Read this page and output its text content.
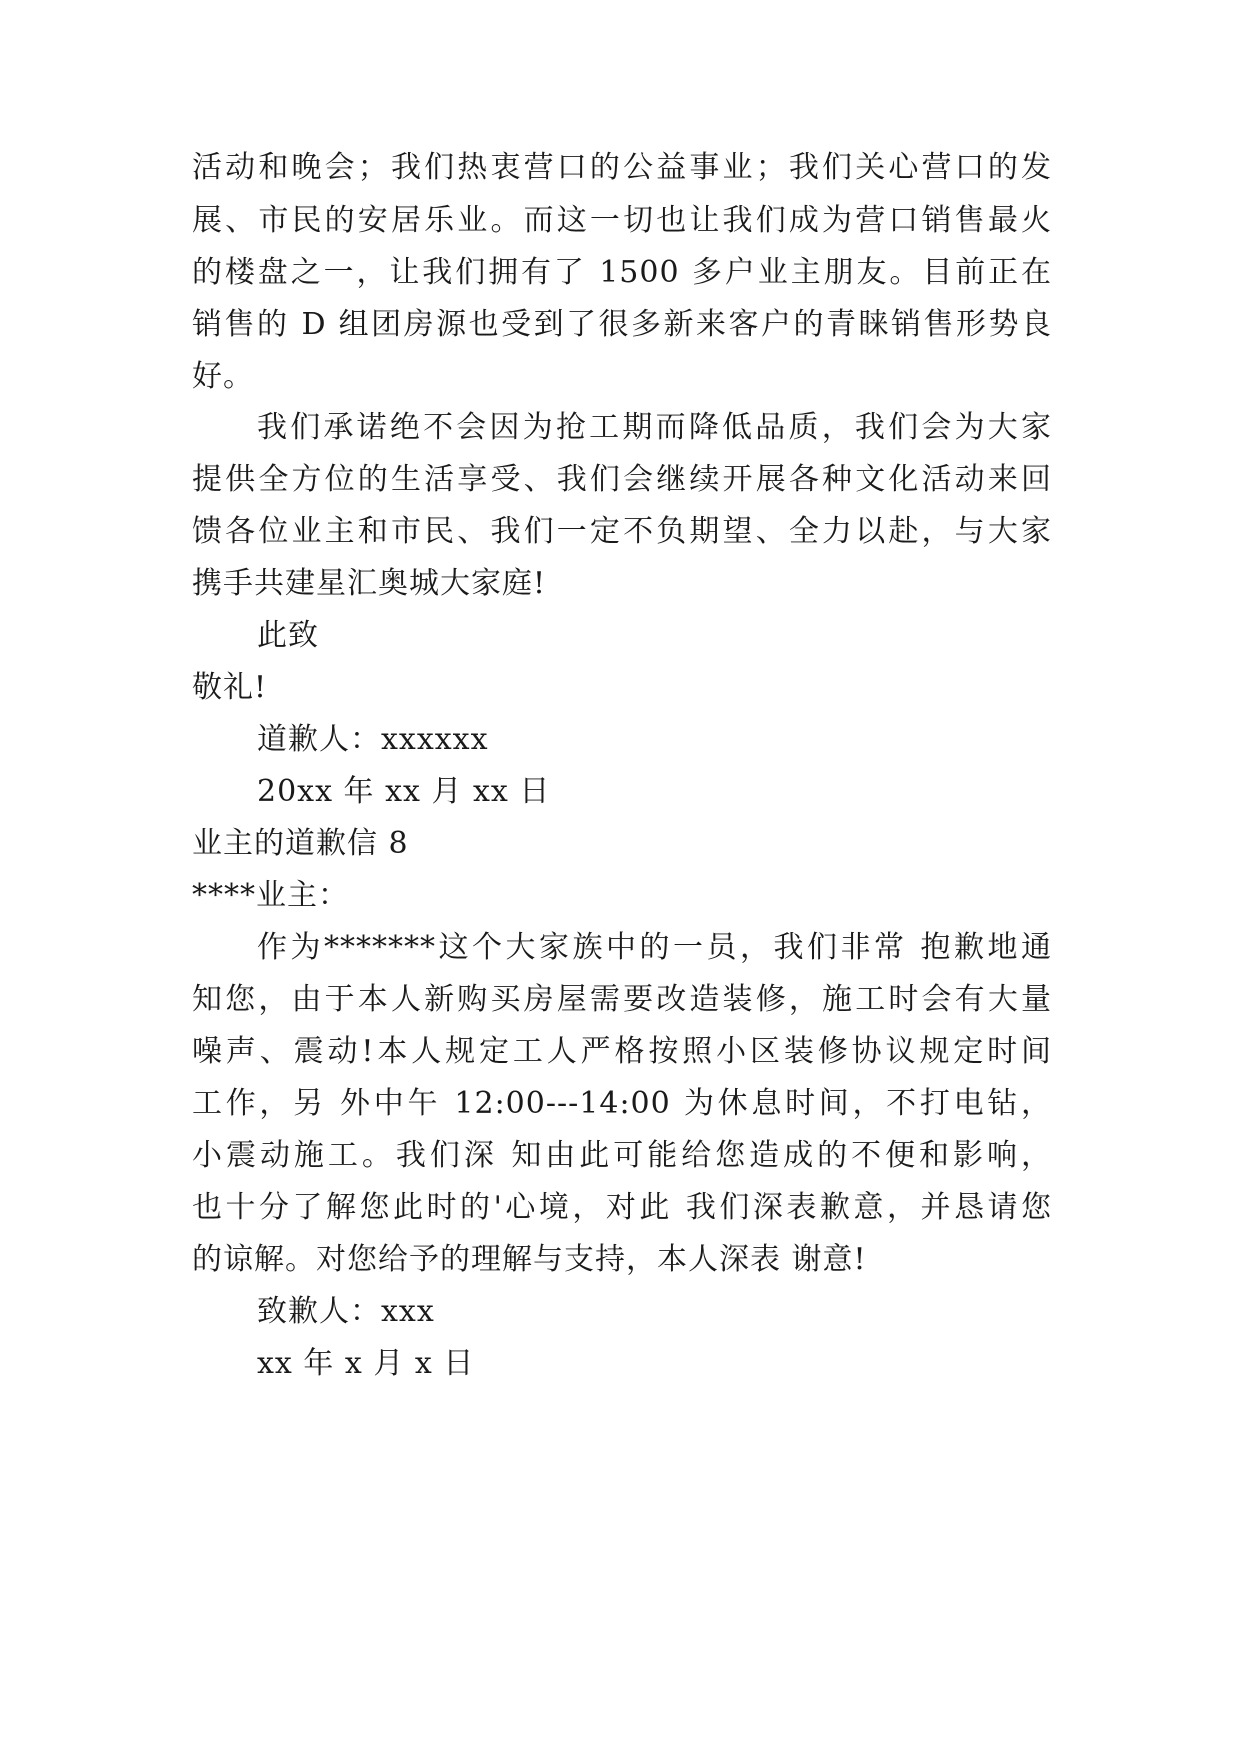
活动和晚会；我们热衷营口的公益事业；我们关心营口的发
展、市民的安居乐业。而这一切也让我们成为营口销售最火
的楼盘之一，让我们拥有了 1500 多户业主朋友。目前正在
销售的 D 组团房源也受到了很多新来客户的青睐销售形势良
好。
我们承诺绝不会因为抢工期而降低品质，我们会为大家
提供全方位的生活享受、我们会继续开展各种文化活动来回
馈各位业主和市民、我们一定不负期望、全力以赴，与大家
携手共建星汇奥城大家庭!
此致
敬礼!
道歉人：xxxxxx
20xx 年 xx 月 xx 日
业主的道歉信 8
****业主：
作为*******这个大家族中的一员，我们非常 抱歉地通
知您，由于本人新购买房屋需要改造装修，施工时会有大量
噪声、震动!本人规定工人严格按照小区装修协议规定时间
工作，另 外中午 12:00---14:00 为休息时间，不打电钻，
小震动施工。我们深 知由此可能给您造成的不便和影响，
也十分了解您此时的'心境，对此 我们深表歉意，并恳请您
的谅解。对您给予的理解与支持，本人深表 谢意!
致歉人：xxx
xx 年 x 月 x 日
